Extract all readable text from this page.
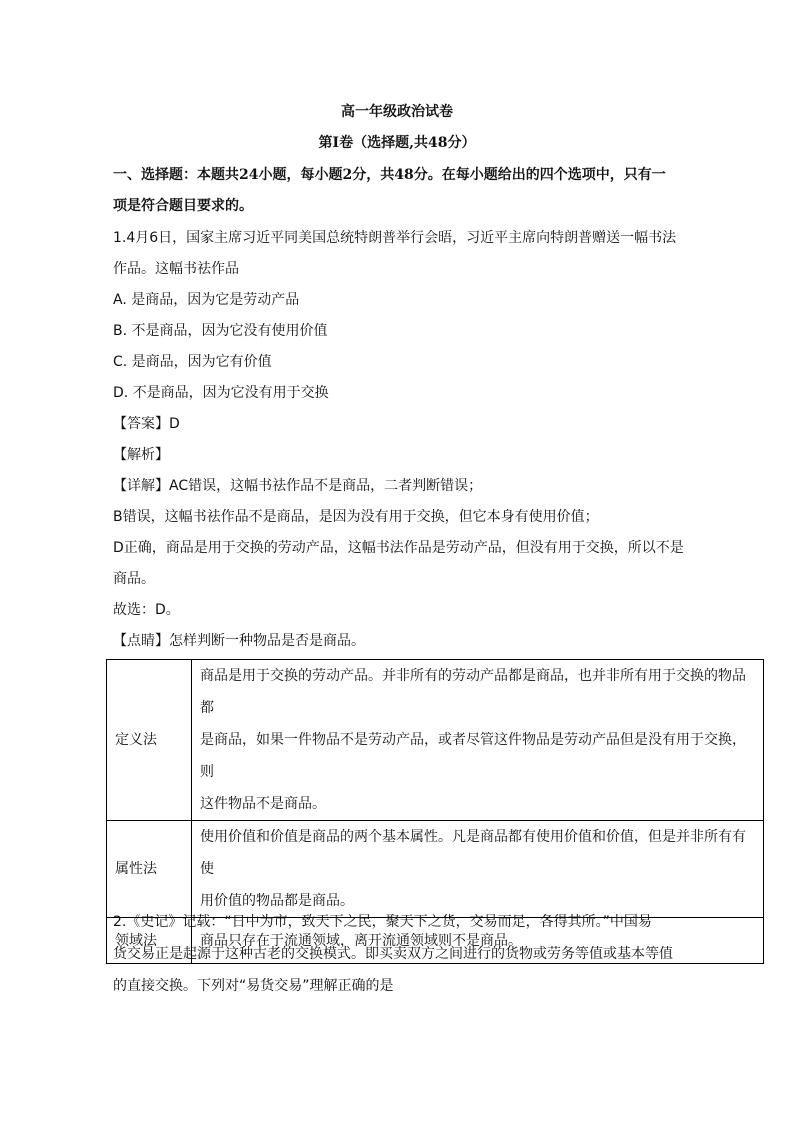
高一年级政治试卷
第Ⅰ卷（选择题,共48分）
一、选择题：本题共24小题，每小题2分，共48分。在每小题给出的四个选项中，只有一
项是符合题目要求的。
1.4月6日，国家主席习近平同美国总统特朗普举行会晤，习近平主席向特朗普赠送一幅书法
作品。这幅书祛作品
A. 是商品，因为它是劳动产品
B. 不是商品，因为它没有使用价值
C. 是商品，因为它有价值
D. 不是商品，因为它没有用于交换
【答案】D
【解析】
【详解】AC错误，这幅书祛作品不是商品，二者判断错误；
B错误，这幅书祛作品不是商品，是因为没有用于交换，但它本身有使用价值；
D正确，商品是用于交换的劳动产品，这幅书法作品是劳动产品，但没有用于交换，所以不是
商品。
故选：D。
【点睛】怎样判断一种物品是否是商品。
定义法	商品是用于交换的劳动产品。并非所有的劳动产品都是商品，也并非所有用于交换的物品都
是商品，如果一件物品不是劳动产品，或者尽管这件物品是劳动产品但是没有用于交换，则
这件物品不是商品。

属性法	使用价值和价值是商品的两个基本属性。凡是商品都有使用价值和价值，但是并非所有有使
用价值的物品都是商品。

领域法	商品只存在于流通领域，离开流通领域则不是商品。
2.《史记》记载：“日中为市，致天下之民，聚天下之货，交易而足，各得其所。”中国易
货交易正是起源于这种古老的交换模式。即买卖双方之间进行的货物或劳务等值或基本等值
的直接交换。下列对“易货交易”理解正确的是
